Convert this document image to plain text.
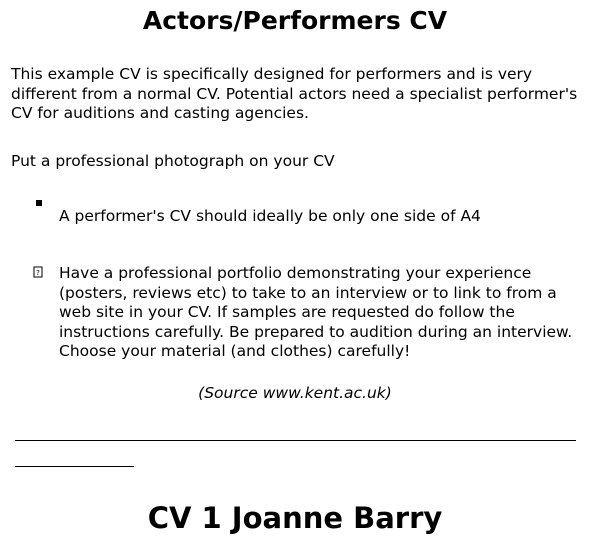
Actors/Performers CV
This example CV is specifically designed for performers and is very different from a normal CV. Potential actors need a specialist performer's CV for auditions and casting agencies.
Put a professional photograph on your CV
A performer's CV should ideally be only one side of A4
? Have a professional portfolio demonstrating your experience (posters, reviews etc) to take to an interview or to link to from a web site in your CV. If samples are requested do follow the instructions carefully. Be prepared to audition during an interview. Choose your material (and clothes) carefully!
(Source www.kent.ac.uk)
CV 1 Joanne Barry
